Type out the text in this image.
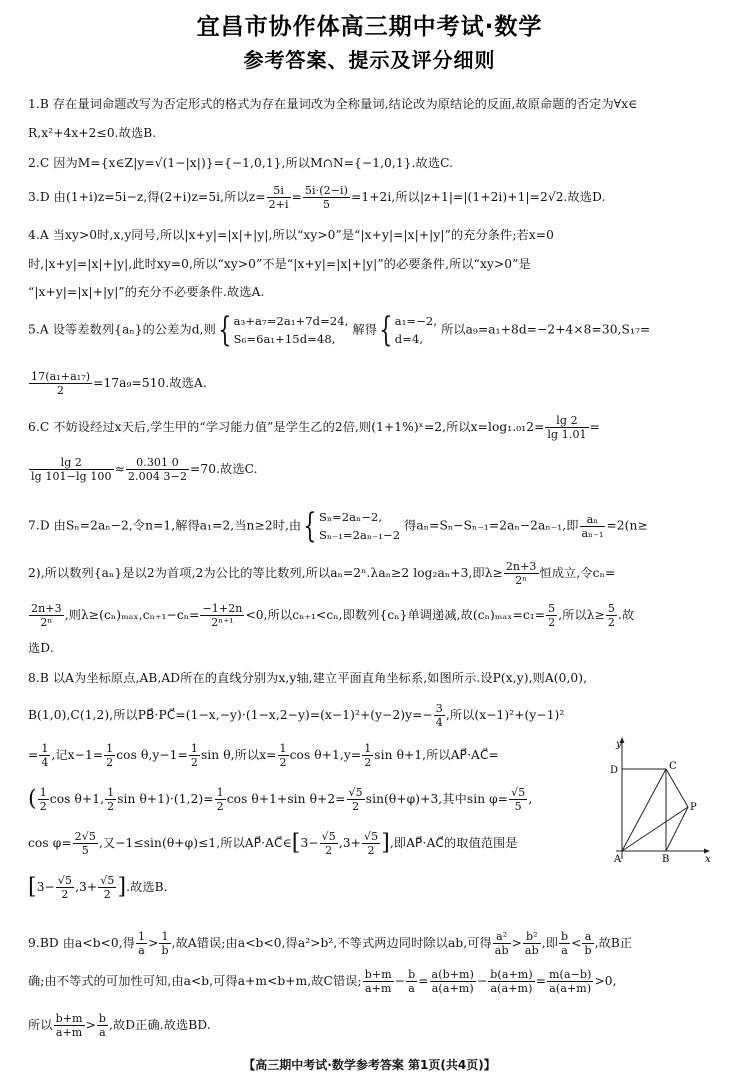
宜昌市协作体高三期中考试·数学
参考答案、提示及评分细则
1.B 存在量词命题改写为否定形式的格式为存在量词改为全称量词,结论改为原结论的反面,故原命题的否定为∀x∈
R,x²+4x+2≤0.故选B.
2.C 因为M={x∈Z|y=√(1−|x|)}={−1,0,1},所以M∩N={−1,0,1}.故选C.
3.D 由(1+i)z=5i−z,得(2+i)z=5i,所以$z= \frac{5i}{2+i} = \frac{5i\cdot(2-i)}{5} =1+2i$,所以|z+1|=|(1+2i)+1|=2√2.故选D.
4.A 当xy>0时,x,y同号,所以|x+y|=|x|+|y|,所以“xy>0”是“|x+y|=|x|+|y|”的充分条件;若x=0
时,|x+y|=|x|+|y|,此时xy=0,所以“xy>0”不是“|x+y|=|x|+|y|”的必要条件,所以“xy>0”是
“|x+y|=|x|+|y|”的充分不必要条件.故选A.
5.A 设等差数列{aₙ}的公差为d,则{ a₃+a₇=2a₁+7d=24,
S₆=6a₁+15d=48,
解得{ a₁=−2,
d=4,
所以a₉=a₁+8d=−2+4×8=30,S₁₇=
$\frac{\text{17(a₁+a₁₇)}}{2} =17a_9=510$.故选A.
6.C 不妨设经过x天后,学生甲的“学习能力值”是学生乙的2倍,则(1+1%)ˣ=2,所以$x=\log_1._{01}2= \frac{\lg 2}{\lg 1.01}$ =
$\frac{\lg 2}{\lg 101-\lg 100} \approx \frac{0.301 0}{2.004 3-2} =70$.故选C.
7.D 由Sₙ=2aₙ−2,令n=1,解得a₁=2,当n≥2时,由{ Sₙ=2aₙ−2,
Sₙ₋₁=2aₙ₋₁−2
得aₙ=Sₙ−Sₙ₋₁=2aₙ−2aₙ₋₁,即 $\frac{\text{aₙ}}{\text{aₙ₋₁}} =2(n\ge$
2),所以数列{aₙ}是以2为首项,2为公比的等比数列,所以aₙ=2ⁿ.λaₙ≥2 log₂aₙ+3,即$\lambda\ge \frac{2n+3}{\text{2ⁿ}}$ 恒成立,令cₙ=
$\frac{2n+3}{\text{2ⁿ}}$ ,则$\lambda\ge(c_n)_{max},c_{n+1}-c_n= \frac{-1+2n}{\text{2ⁿ⁺¹}} <0$,所以cₙ₊₁<cₙ,即数列{cₙ}单调递减,故$(c_n)_{max}=c_1= \frac{5}{2}$ ,所以$\lambda\ge \frac{5}{2}$ .故
选D.
8.B 以A为坐标原点,AB,AD所在的直线分别为x,y轴,建立平面直角坐标系,如图所示.设P(x,y),则A(0,0),
B(1,0),C(1,2),所以PB⃗·PC⃗=(1−x,−y)·(1−x,2−y)=(x−1)²+(y−2)y=− $\frac{3}{4}$ ,所以(x−1)²+(y−1)²
= $\frac{1}{4}$ ,记$x-1= \frac{1}{2}$ $\cos \theta,y-1= \frac{1}{2}$ sin θ,所以$x= \frac{1}{2}$ $\cos \theta+1,y= \frac{1}{2}$ sin θ+1,所以AP⃗·AC⃗=
( $\frac{1}{2}$ cos θ+1, $\frac{1}{2}$ $\sin \theta+1)\cdot(1,2)= \frac{1}{2}$ cos θ+1+sin $\theta+2= \frac{√5}{2} \sin(\theta+\varphi)+3$,其中$\sin \varphi= \frac{√5}{5}$ ,
$\cos \varphi= \frac{2√5}{5}$ ,又−1≤sin(θ+φ)≤1,所以AP⃗·AC⃗∈[3− $\frac{√5}{2} ,3+ \frac{√5}{2}$ ],即AP⃗·AC⃗的取值范围是
[$3- \frac{√5}{2} ,3+ \frac{√5}{2}$ ].故选B.
y
x
D	C
P
A	B
9.BD 由a<b<0,得 $\frac{1}{a} > \frac{1}{b}$ ,故A错误;由a<b<0,得a²>b²,不等式两边同时除以ab,可得 $\frac{\text{a²}}{ab} > \frac{\text{b²}}{ab}$ ,即 $\frac{b}{a} < \frac{a}{b}$ ,故B正
确;由不等式的可加性可知,由a<b,可得a+m<b+m,故C错误; $\frac{b+m}{a+m} - \frac{b}{a} = \frac{a(b+m)}{a(a+m)} - \frac{b(a+m)}{a(a+m)} = \frac{m(a-b)}{a(a+m)} >0$,
所以 $\frac{b+m}{a+m} > \frac{b}{a}$ ,故D正确.故选BD.
【高三期中考试·数学参考答案 第1页(共4页)】
